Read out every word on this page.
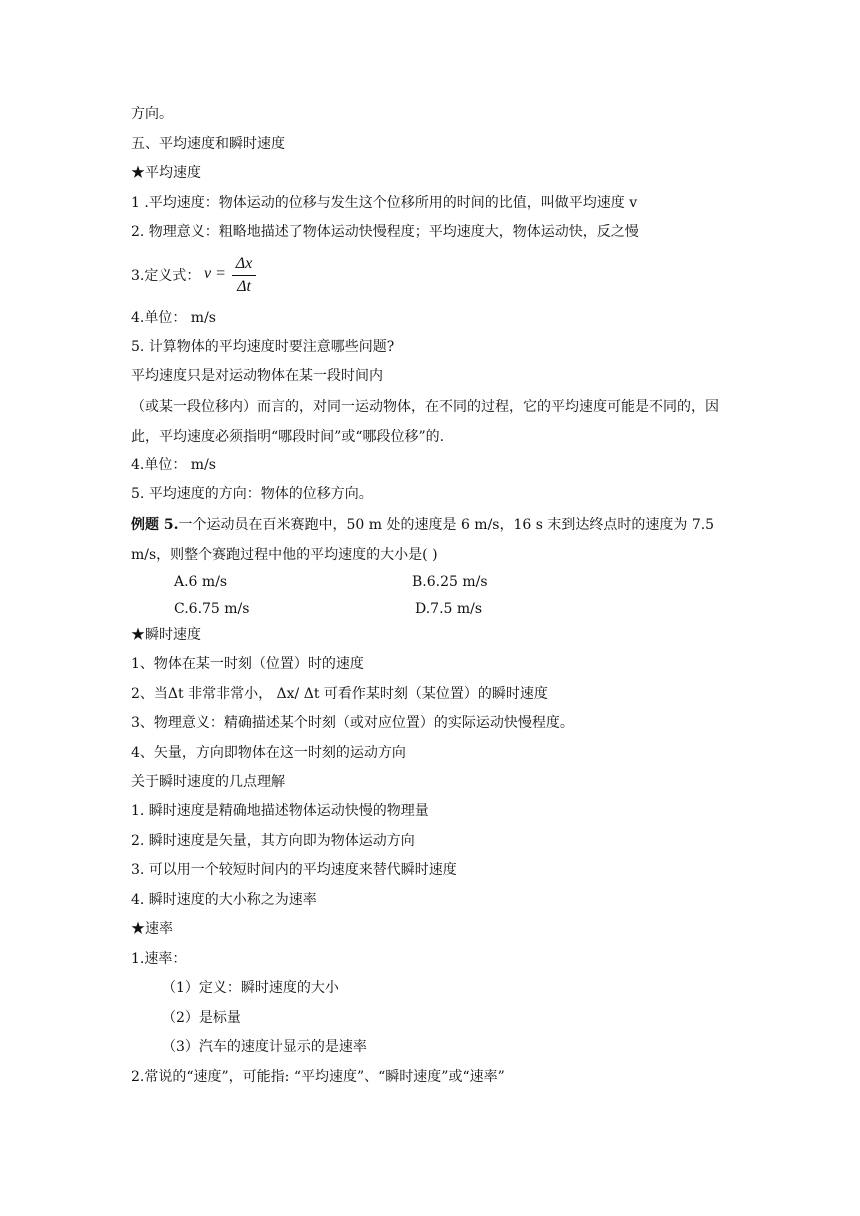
方向。
五、平均速度和瞬时速度
★平均速度
1 .平均速度：物体运动的位移与发生这个位移所用的时间的比值，叫做平均速度 v
2. 物理意义：粗略地描述了物体运动快慢程度；平均速度大，物体运动快，反之慢
3.定义式： v =
Δx
Δt
4.单位： m/s
5. 计算物体的平均速度时要注意哪些问题?
平均速度只是对运动物体在某一段时间内
（或某一段位移内）而言的，对同一运动物体，在不同的过程，它的平均速度可能是不同的，因此，平均速度必须指明“哪段时间”或“哪段位移”的.
4.单位： m/s
5. 平均速度的方向：物体的位移方向。
例题 5.一个运动员在百米赛跑中，50 m 处的速度是 6 m/s，16 s 末到达终点时的速度为 7.5 m/s，则整个赛跑过程中他的平均速度的大小是( )
A.6 m/s	B.6.25 m/s
C.6.75 m/s	D.7.5 m/s
★瞬时速度
1、物体在某一时刻（位置）时的速度
2、当Δt 非常非常小， Δx/ Δt 可看作某时刻（某位置）的瞬时速度
3、物理意义：精确描述某个时刻（或对应位置）的实际运动快慢程度。
4、矢量，方向即物体在这一时刻的运动方向
关于瞬时速度的几点理解
1. 瞬时速度是精确地描述物体运动快慢的物理量
2. 瞬时速度是矢量，其方向即为物体运动方向
3. 可以用一个较短时间内的平均速度来替代瞬时速度
4. 瞬时速度的大小称之为速率
★速率
1.速率：
（1）定义：瞬时速度的大小
（2）是标量
（3）汽车的速度计显示的是速率
2.常说的“速度”，可能指: “平均速度”、“瞬时速度”或“速率”
